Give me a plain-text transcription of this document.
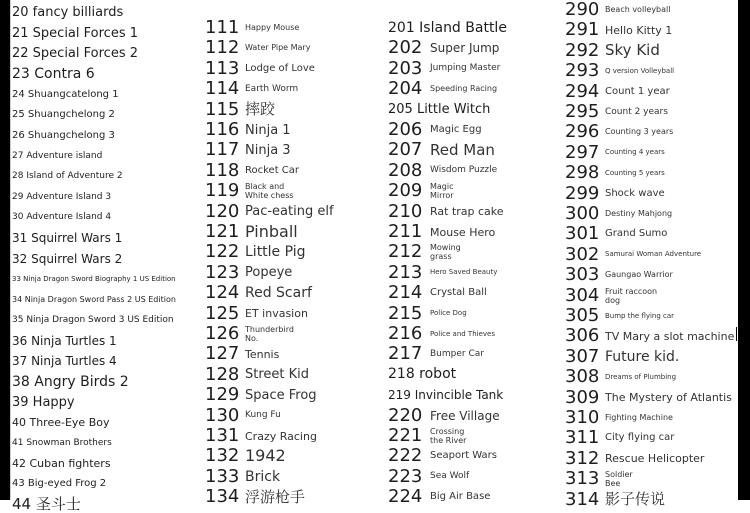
20 fancy billiards
21 Special Forces 1
22 Special Forces 2
23 Contra 6
24 Shuangcatelong 1
25 Shuangchelong 2
26 Shuangchelong 3
27 Adventure island
28 Island of Adventure 2
29 Adventure Island 3
30 Adventure Island 4
31 Squirrel Wars 1
32 Squirrel Wars 2
33 Ninja Dragon Sword Biography 1 US Edition
34 Ninja Dragon Sword Pass 2 US Edition
35 Ninja Dragon Sword 3 US Edition
36 Ninja Turtles 1
37 Ninja Turtles 4
38 Angry Birds 2
39 Happy
40 Three-Eye Boy
41 Snowman Brothers
42 Cuban fighters
43 Big-eyed Frog 2
44 圣斗士
111 Happy Mouse
112 Water Pipe Mary
113 Lodge of Love
114 Earth Worm
115 摔跤
116 Ninja 1
117 Ninja 3
118 Rocket Car
119 Black and
White chess
120 Pac-eating elf
121 Pinball
122 Little Pig
123 Popeye
124 Red Scarf
125 ET invasion
126 Thunderbird
No.
127 Tennis
128 Street Kid
129 Space Frog
130 Kung Fu
131 Crazy Racing
132 1942
133 Brick
134 浮游枪手
201 Island Battle
202 Super Jump
203 Jumping Master
204 Speeding Racing
205 Little Witch
206 Magic Egg
207 Red Man
208 Wisdom Puzzle
209 Magic
Mirror
210 Rat trap cake
211 Mouse Hero
212 Mowing
grass
213 Hero Saved Beauty
214 Crystal Ball
215 Police Dog
216 Police and Thieves
217 Bumper Car
218 robot
219 Invincible Tank
220 Free Village
221 Crossing
the River
222 Seaport Wars
223 Sea Wolf
224 Big Air Base
290 Beach volleyball
291 Hello Kitty 1
292 Sky Kid
293 Q version Volleyball
294 Count 1 year
295 Count 2 years
296 Counting 3 years
297 Counting 4 years
298 Counting 5 years
299 Shock wave
300 Destiny Mahjong
301 Grand Sumo
302 Samurai Woman Adventure
303 Gaungao Warrior
304 Fruit raccoon
dog
305 Bump the flying car
306 TV Mary a slot machine
307 Future kid.
308 Dreams of Plumbing
309 The Mystery of Atlantis
310 Fighting Machine
311 City flying car
312 Rescue Helicopter
313 Soldier
Bee
314 影子传说
